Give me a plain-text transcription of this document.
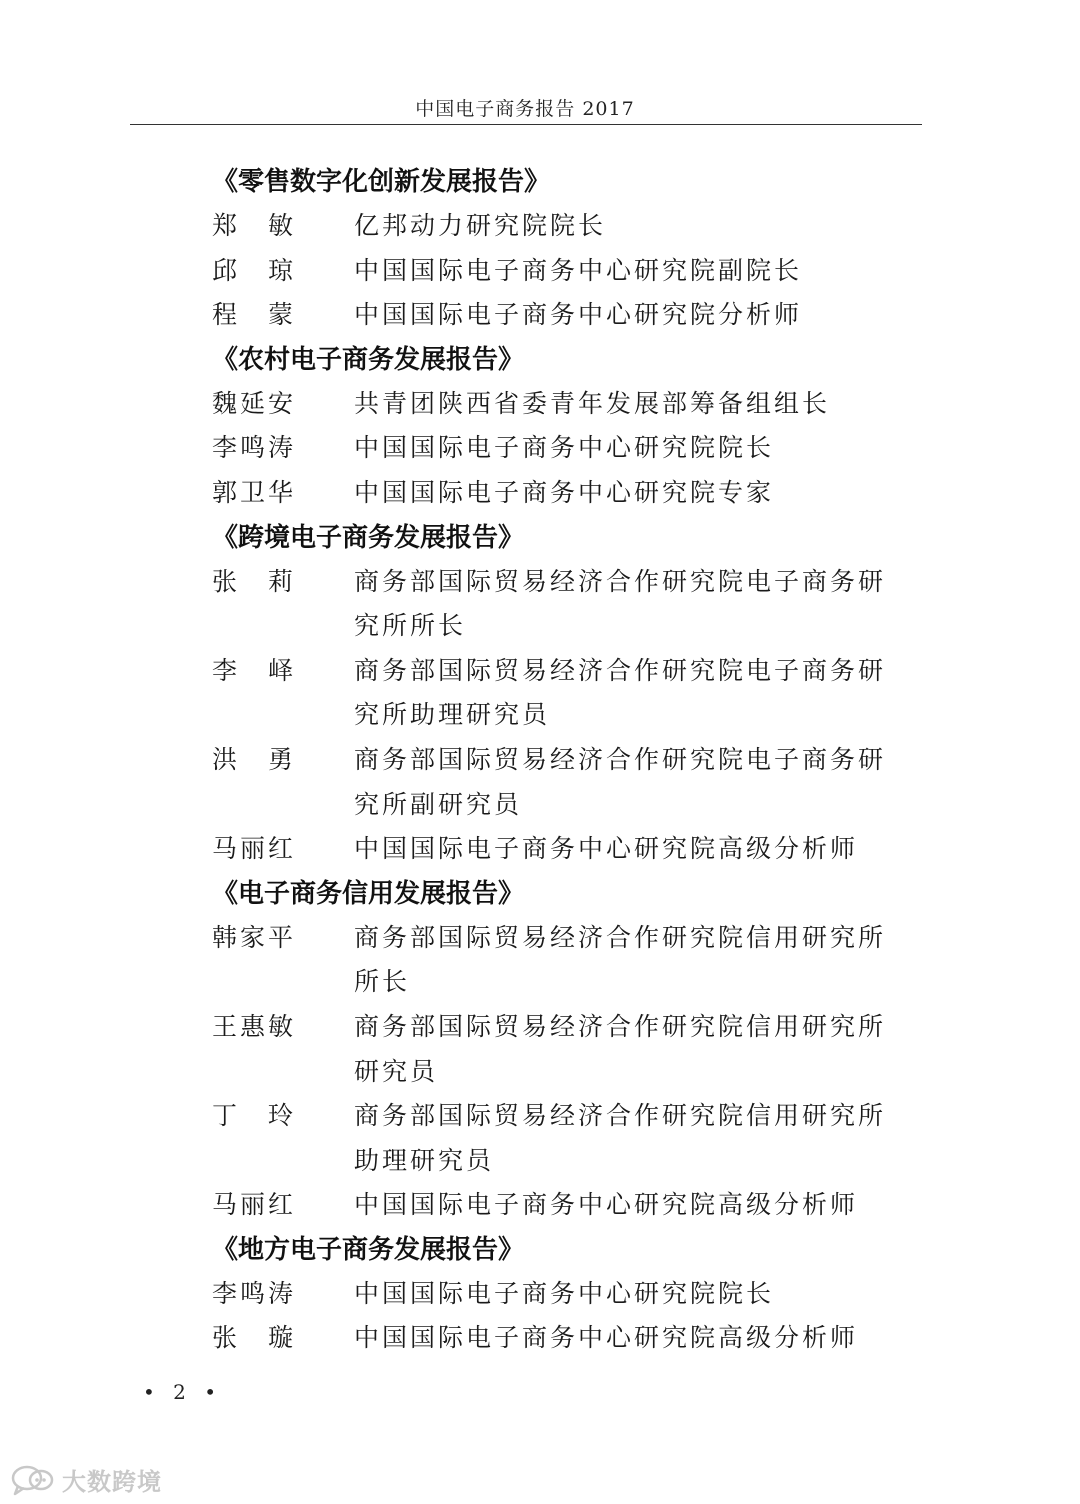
中国电子商务报告 2017
《零售数字化创新发展报告》
郑　敏	亿邦动力研究院院长
邱　琼	中国国际电子商务中心研究院副院长
程　蒙	中国国际电子商务中心研究院分析师
《农村电子商务发展报告》
魏延安	共青团陕西省委青年发展部筹备组组长
李鸣涛	中国国际电子商务中心研究院院长
郭卫华	中国国际电子商务中心研究院专家
《跨境电子商务发展报告》
张　莉	商务部国际贸易经济合作研究院电子商务研究所所长
李　峄	商务部国际贸易经济合作研究院电子商务研究所助理研究员
洪　勇	商务部国际贸易经济合作研究院电子商务研究所副研究员
马丽红	中国国际电子商务中心研究院高级分析师
《电子商务信用发展报告》
韩家平	商务部国际贸易经济合作研究院信用研究所所长
王惠敏	商务部国际贸易经济合作研究院信用研究所研究员
丁　玲	商务部国际贸易经济合作研究院信用研究所助理研究员
马丽红	中国国际电子商务中心研究院高级分析师
《地方电子商务发展报告》
李鸣涛	中国国际电子商务中心研究院院长
张　璇	中国国际电子商务中心研究院高级分析师
• 2 •
大数跨境
